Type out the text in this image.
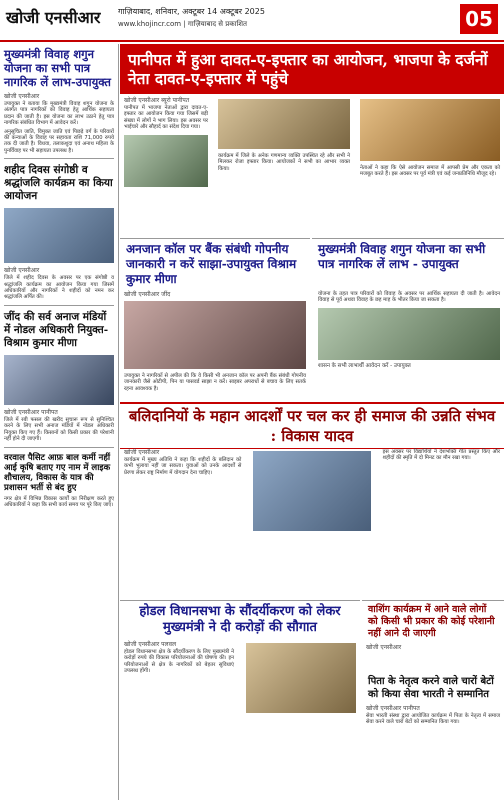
खोजी एनसीआर गाज़ियाबाद, शनिवार, अक्टूबर 14 अक्टूबर 2025
www.khojincr.com | गाज़ियाबाद से प्रकाशित	05
पानीपत में हुआ दावत-ए-इफ्तार का आयोजन, भाजपा के दर्जनों नेता दावत-ए-इफ्तार में पहुंचे
मुख्यमंत्री विवाह शगुन योजना का सभी पात्र नागरिक लें लाभ-उपायुक्त
खोजी एनसीआर
उपायुक्त ने बताया कि मुख्यमंत्री विवाह शगुन योजना के अंतर्गत पात्र नागरिकों को विवाह हेतु आर्थिक सहायता प्रदान की जाती है। इस योजना का लाभ उठाने हेतु पात्र नागरिक संबंधित विभाग में आवेदन करें।
अनुसूचित जाति, विमुक्त जाति एवं पिछड़े वर्ग के परिवारों की कन्याओं के विवाह पर सहायता राशि 71,000 रुपये तक दी जाती है। विधवा, तलाकशुदा एवं अनाथ महिला के पुनर्विवाह पर भी सहायता उपलब्ध है।
शहीद दिवस संगोष्ठी व श्रद्धांजलि कार्यक्रम का किया आयोजन
खोजी एनसीआर
जिले में शहीद दिवस के अवसर पर एक संगोष्ठी व श्रद्धांजलि कार्यक्रम का आयोजन किया गया जिसमें अधिकारियों और नागरिकों ने शहीदों को नमन कर श्रद्धांजलि अर्पित की।
जींद की सर्व अनाज मंडियों में नोडल अधिकारी नियुक्त-विश्राम कुमार मीणा
खोजी एनसीआर पानीपत
जिले में रबी फसल की खरीद सुचारू रूप से सुनिश्चित करने के लिए सभी अनाज मंडियों में नोडल अधिकारी नियुक्त किए गए हैं। किसानों को किसी प्रकार की परेशानी नहीं होने दी जाएगी।
वरवाल पैसिट आफ़ बाल कर्मी नहीं आई कृषि बताए गए नाम में लाइक शौचालय, विकास के यात्र की प्रशासन भर्ती से बंद हुए
नगर क्षेत्र में विभिन्न विकास कार्यों का निरीक्षण करते हुए अधिकारियों ने कहा कि सभी कार्य समय पर पूरे किए जाएं।
खोजी एनसीआर ब्यूरो पानीपत
पानीपत में भाजपा नेताओं द्वारा दावत-ए-इफ्तार का आयोजन किया गया जिसमें बड़ी संख्या में लोगों ने भाग लिया। इस अवसर पर भाईचारे और सौहार्द का संदेश दिया गया।
कार्यक्रम में जिले के अनेक गणमान्य व्यक्ति उपस्थित रहे और सभी ने मिलकर रोजा इफ्तार किया। आयोजकों ने सभी का आभार व्यक्त किया।	नेताओं ने कहा कि ऐसे आयोजन समाज में आपसी प्रेम और एकता को मजबूत करते हैं। इस अवसर पर पूर्व मंत्री एवं कई जनप्रतिनिधि मौजूद रहे।
अनजान कॉल पर बैंक संबंधी गोपनीय जानकारी न करें साझा-उपायुक्त विश्राम कुमार मीणा
मुख्यमंत्री विवाह शगुन योजना का सभी पात्र नागरिक लें लाभ - उपायुक्त
खोजी एनसीआर जींद
उपायुक्त ने नागरिकों से अपील की कि वे किसी भी अनजान कॉल पर अपनी बैंक संबंधी गोपनीय जानकारी जैसे ओटीपी, पिन या पासवर्ड साझा न करें। साइबर अपराधों से बचाव के लिए सतर्क रहना आवश्यक है।
योजना के तहत पात्र परिवारों को विवाह के अवसर पर आर्थिक सहायता दी जाती है। आवेदन विवाह से पूर्व अथवा विवाह के छह माह के भीतर किया जा सकता है।
शासन के सभी लाभार्थी आवेदन करें - उपायुक्त
बलिदानियों के महान आदर्शों पर चल कर ही समाज की उन्नति संभव : विकास यादव
खोजी एनसीआर
कार्यक्रम में मुख्य अतिथि ने कहा कि शहीदों के बलिदान को कभी भुलाया नहीं जा सकता। युवाओं को उनके आदर्शों से प्रेरणा लेकर राष्ट्र निर्माण में योगदान देना चाहिए।
इस अवसर पर विद्यार्थियों ने देशभक्ति गीत प्रस्तुत किए और शहीदों की स्मृति में दो मिनट का मौन रखा गया।
होडल विधानसभा के सौंदर्यीकरण को लेकर मुख्यमंत्री ने दी करोड़ों की सौगात
खोजी एनसीआर पलवल
होडल विधानसभा क्षेत्र के सौंदर्यीकरण के लिए मुख्यमंत्री ने करोड़ों रुपये की विकास परियोजनाओं की घोषणा की। इन परियोजनाओं से क्षेत्र के नागरिकों को बेहतर सुविधाएं उपलब्ध होंगी।
वाशिंग कार्यक्रम में आने वाले लोगों को किसी भी प्रकार की कोई परेशानी नहीं आने दी जाएगी
खोजी एनसीआर
पिता के नेतृत्व करने वाले चारों बेटों को किया सेवा भारती ने सम्मानित
खोजी एनसीआर पानीपत
सेवा भारती संस्था द्वारा आयोजित कार्यक्रम में पिता के नेतृत्व में समाज सेवा करने वाले चारों बेटों को सम्मानित किया गया।
